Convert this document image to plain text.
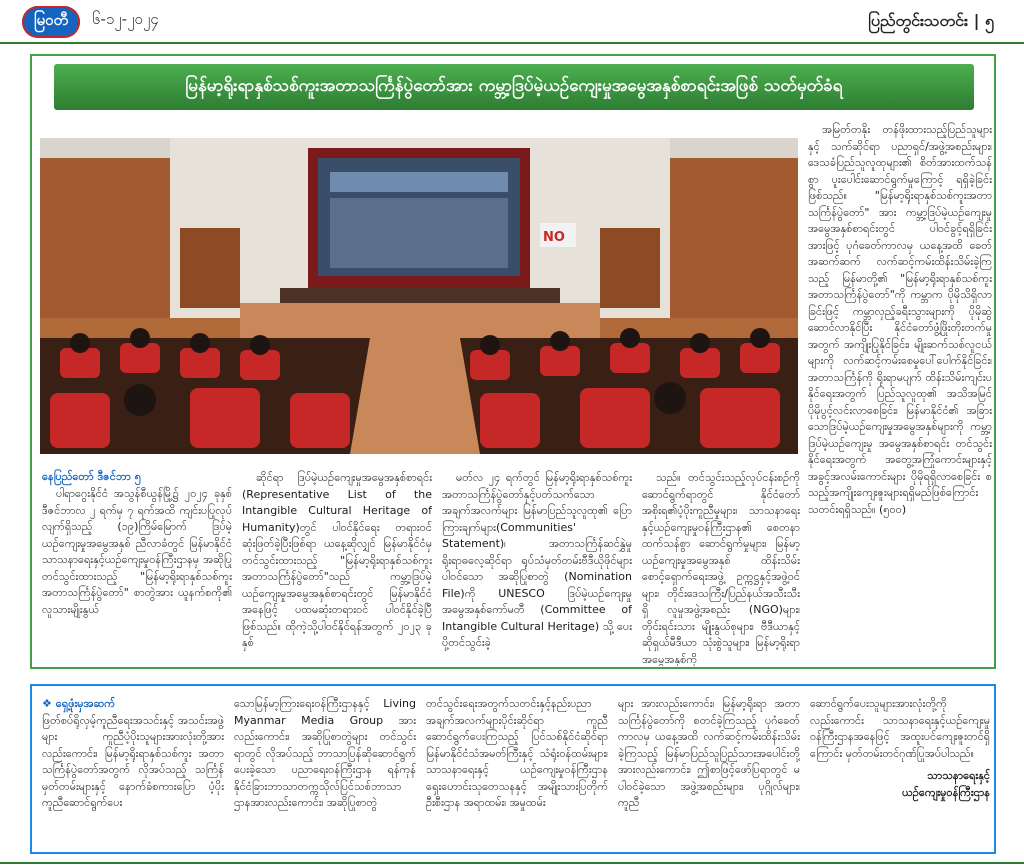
မြဝတီ	၆-၁၂-၂၀၂၄	ပြည်တွင်းသတင်း | ၅
မြန်မာ့ရိုးရာနှစ်သစ်ကူးအတာသင်္ကြန်ပွဲတော်အား ကမ္ဘာ့ဒြပ်မဲ့ယဉ်ကျေးမှုအမွေအနှစ်စာရင်းအဖြစ် သတ်မှတ်ခံရ
NO
နေပြည်တော် ဒီဇင်ဘာ ၅

ပါရာဂွေးနိုင်ငံ အသွန်စီယွန်မြို့၌ ၂၀၂၄ ခုနှစ် ဒီဇင်ဘာလ ၂ ရက်မှ ၇ ရက်အထိ ကျင်းပပြုလုပ်လျက်ရှိသည့် (၁၉)ကြိမ်မြောက် ဒြပ်မဲ့ယဉ်ကျေးမှုအမွေအနှစ် ညီလာခံတွင် မြန်မာနိုင်ငံ သာသနာရေးနှင့်ယဉ်ကျေးမှုဝန်ကြီးဌာနမှ အဆိုပြုတင်သွင်းထားသည့် "မြန်မာ့ရိုးရာနှစ်သစ်ကူး အတာသင်္ကြန်ပွဲတော်" စာတွဲအား ယူနက်စကို၏ လူသားမျိုးနွယ်

ဆိုင်ရာ ဒြပ်မဲ့ယဉ်ကျေးမှုအမွေအနှစ်စာရင်း (Representative List of the Intangible Cultural Heritage of Humanity)တွင် ပါဝင်နိုင်ရေး တရားဝင်ဆုံးဖြတ်ခဲ့ပြီးဖြစ်ရာ ယနေ့ဆိုလျှင် မြန်မာနိုင်ငံမှတင်သွင်းထားသည့် "မြန်မာ့ရိုးရာနှစ်သစ်ကူးအတာသင်္ကြန်ပွဲတော်"သည် ကမ္ဘာ့ဒြပ်မဲ့ယဉ်ကျေးမှုအမွေအနှစ်စာရင်းတွင် မြန်မာနိုင်ငံအနေဖြင့် ပထမဆုံးတရားဝင် ပါဝင်နိုင်ခဲ့ပြီဖြစ်သည်။ ထိုကဲ့သို့ပါဝင်နိုင်ရန်အတွက် ၂၀၂၃ ခုနှစ်

မတ်လ ၂၄ ရက်တွင် မြန်မာ့ရိုးရာနှစ်သစ်ကူး အတာသင်္ကြန်ပွဲတော်နှင့်ပတ်သက်သော အချက်အလက်များ မြန်မာပြည်သူလူထု၏ ပြောကြားချက်များ(Communities' Statement)၊ အတာသင်္ကြန်ဆင်နွှဲမှု ရိုးရာဓလေ့ဆိုင်ရာ ရုပ်သံမှတ်တမ်းဗီဒီယိုဖိုင်များ ပါဝင်သော အဆိုပြုစာတွဲ (Nomination File)ကို UNESCO ဒြပ်မဲ့ယဉ်ကျေးမှုအမွေအနှစ်ကော်မတီ (Committee of Intangible Cultural Heritage) သို့ ပေးပို့တင်သွင်းခဲ့

သည်။ တင်သွင်းသည့်လုပ်ငန်းစဉ်ကို ဆောင်ရွက်ရာတွင် နိုင်ငံတော်အစိုးရ၏ပံ့ပိုးကူညီမှုများ၊ သာသနာရေးနှင့်ယဉ်ကျေးမှုဝန်ကြီးဌာန၏ စေတနာထက်သန်စွာ ဆောင်ရွက်မှုများ၊ မြန်မာ့ယဉ်ကျေးမှုအမွေအနှစ် ထိန်းသိမ်းစောင့်ရှောက်ရေးအဖွဲ့ ဥက္ကဋ္ဌနှင့်အဖွဲ့ဝင်များ၊ တိုင်းဒေသကြီး/ပြည်နယ်အသီးသီးရှိ လူမှုအဖွဲ့အစည်း (NGO)များ၊ တိုင်းရင်းသား မျိုးနွယ်စုများ၊ ဗီဒီယာနှင့် ဆိုရှယ်မီဒီယာ သုံးစွဲသူများ၊ မြန်မာ့ရိုးရာ အမွေအနှစ်ကို

အမြတ်တနိုး တန်ဖိုးထားသည့်ပြည်သူများနှင့် သက်ဆိုင်ရာ ပညာရှင်/အဖွဲ့အစည်းများ၊ ဒေသခံပြည်သူလူထုများ၏ စိတ်အားထက်သန်စွာ ပူးပေါင်းဆောင်ရွက်မှုကြောင့် ရရှိခဲ့ခြင်းဖြစ်သည်။ "မြန်မာ့ရိုးရာနှစ်သစ်ကူးအတာသင်္ကြန်ပွဲတော်" အား ကမ္ဘာ့ဒြပ်မဲ့ယဉ်ကျေးမှုအမွေအနှစ်စာရင်းတွင် ပါဝင်ခွင့်ရရှိခြင်းအားဖြင့် ပုဂံခေတ်ကာလမှ ယနေ့အထိ ခေတ်အဆက်ဆက် လက်ဆင့်ကမ်းထိန်းသိမ်းခဲ့ကြသည့် မြန်မာတို့၏ "မြန်မာ့ရိုးရာနှစ်သစ်ကူး အတာသင်္ကြန်ပွဲတော်"ကို ကမ္ဘာက ပိုမိုသိရှိလာခြင်းဖြင့် ကမ္ဘာလှည့်ခရီးသွားများကို ပိုမိုဆွဲဆောင်လာနိုင်ပြီး နိုင်ငံတော်ဖွံ့ဖြိုးတိုးတက်မှုအတွက် အကျိုးပြုနိုင်ခြင်း၊ မျိုးဆက်သစ်လူငယ်များကို လက်ဆင့်ကမ်းစေမှုပေါ်ပေါက်နိုင်ခြင်း၊ အတာသင်္ကြန်ကို ရိုးရာမပျက် ထိန်းသိမ်းကျင်းပနိုင်ရေးအတွက် ပြည်သူလူထု၏ အသိအမြင် ပိုမိုပွင့်လင်းလာစေခြင်း၊ မြန်မာနိုင်ငံ၏ အခြားသောဒြပ်မဲ့ယဉ်ကျေးမှုအမွေအနှစ်များကို ကမ္ဘာ့ဒြပ်မဲ့ယဉ်ကျေးမှု အမွေအနှစ်စာရင်း တင်သွင်းနိုင်ရေးအတွက် အတွေ့အကြုံကောင်းများနှင့် အခွင့်အလမ်းကောင်းများ ပိုမိုရရှိလာစေခြင်း စသည့်အကျိုးကျေးဇူးများရရှိမည်ဖြစ်ကြောင်း သတင်းရရှိသည်။ (၅၀၀)

❖ ရှေ့ဖုံးမှအဆက်
ဖြတ်စပ်ရိုလှမ့်ကူညီရေးအသင်းနှင့် အသင်းအဖွဲ့များ ကူညီပံ့ပိုးသူများအားလုံးတို့အား လည်းကောင်း၊ မြန်မာ့ရိုးရာနှစ်သစ်ကူး အတာသင်္ကြန်ပွဲတော်အတွက် လိုအပ်သည့် သင်္ကြန်မှတ်တမ်းများနှင့် နောက်ခံစကားပြော ပံ့ပိုးကူညီဆောင်ရွက်ပေး
သောမြန်မာ့ကြားရေးဝန်ကြီးဌာနနှင့် Living Myanmar Media Group အားလည်းကောင်း၊ အဆိုပြုစာတွဲများ တင်သွင်းရာတွင် လိုအပ်သည့် ဘာသာပြန်ဆိုဆောင်ရွက်ပေးခဲ့သော ပညာရေးဝန်ကြီးဌာန ရန်ကုန်နိုင်ငံခြားဘာသာတက္ကသိုလ်ပြင်သစ်ဘာသာဌာနအားလည်းကောင်း၊ အဆိုပြုစာတွဲ
တင်သွင်းရေးအတွက်သတင်းနှင့်နည်းပညာ အချက်အလက်များပိုင်းဆိုင်ရာ ကူညီဆောင်ရွက်ပေးကြသည့် ပြင်သစ်နိုင်ငံဆိုင်ရာ မြန်မာနိုင်ငံသံအမတ်ကြီးနှင့် သံရုံးဝန်ထမ်းများ၊ သာသနာရေးနှင့် ယဉ်ကျေးမှုဝန်ကြီးဌာန ရှေးဟောင်းသုတေသနနှင့် အမျိုးသားပြတိုက်ဦးစီးဌာန အရာထမ်း၊ အမှုထမ်း
များ အားလည်းကောင်း၊ မြန်မာ့ရိုးရာ အတာသင်္ကြန်ပွဲတော်ကို စတင်ခဲ့ကြသည့် ပုဂံခေတ်ကာလမှ ယနေ့အထိ လက်ဆင့်ကမ်းထိန်းသိမ်းခဲ့ကြသည့် မြန်မာပြည်သူပြည်သားအပေါင်းတို့အားလည်းကောင်း၊ ဤစာဖြင့်ဖော်ပြရာတွင် မပါဝင်ခဲ့သော အဖွဲ့အစည်းများ၊ ပုဂ္ဂိုလ်များ၊ ကူညီ
ဆောင်ရွက်ပေးသူများအားလုံးတို့ကို လည်းကောင်း သာသနာရေးနှင့်ယဉ်ကျေးမှုဝန်ကြီးဌာနအနေဖြင့် အထူးပင်ကျေးဇူးတင်ရှိကြောင်း မှတ်တမ်းတင်ဂုဏ်ပြုအပ်ပါသည်။
သာသနာရေးနှင့်
ယဉ်ကျေးမှုဝန်ကြီးဌာန
